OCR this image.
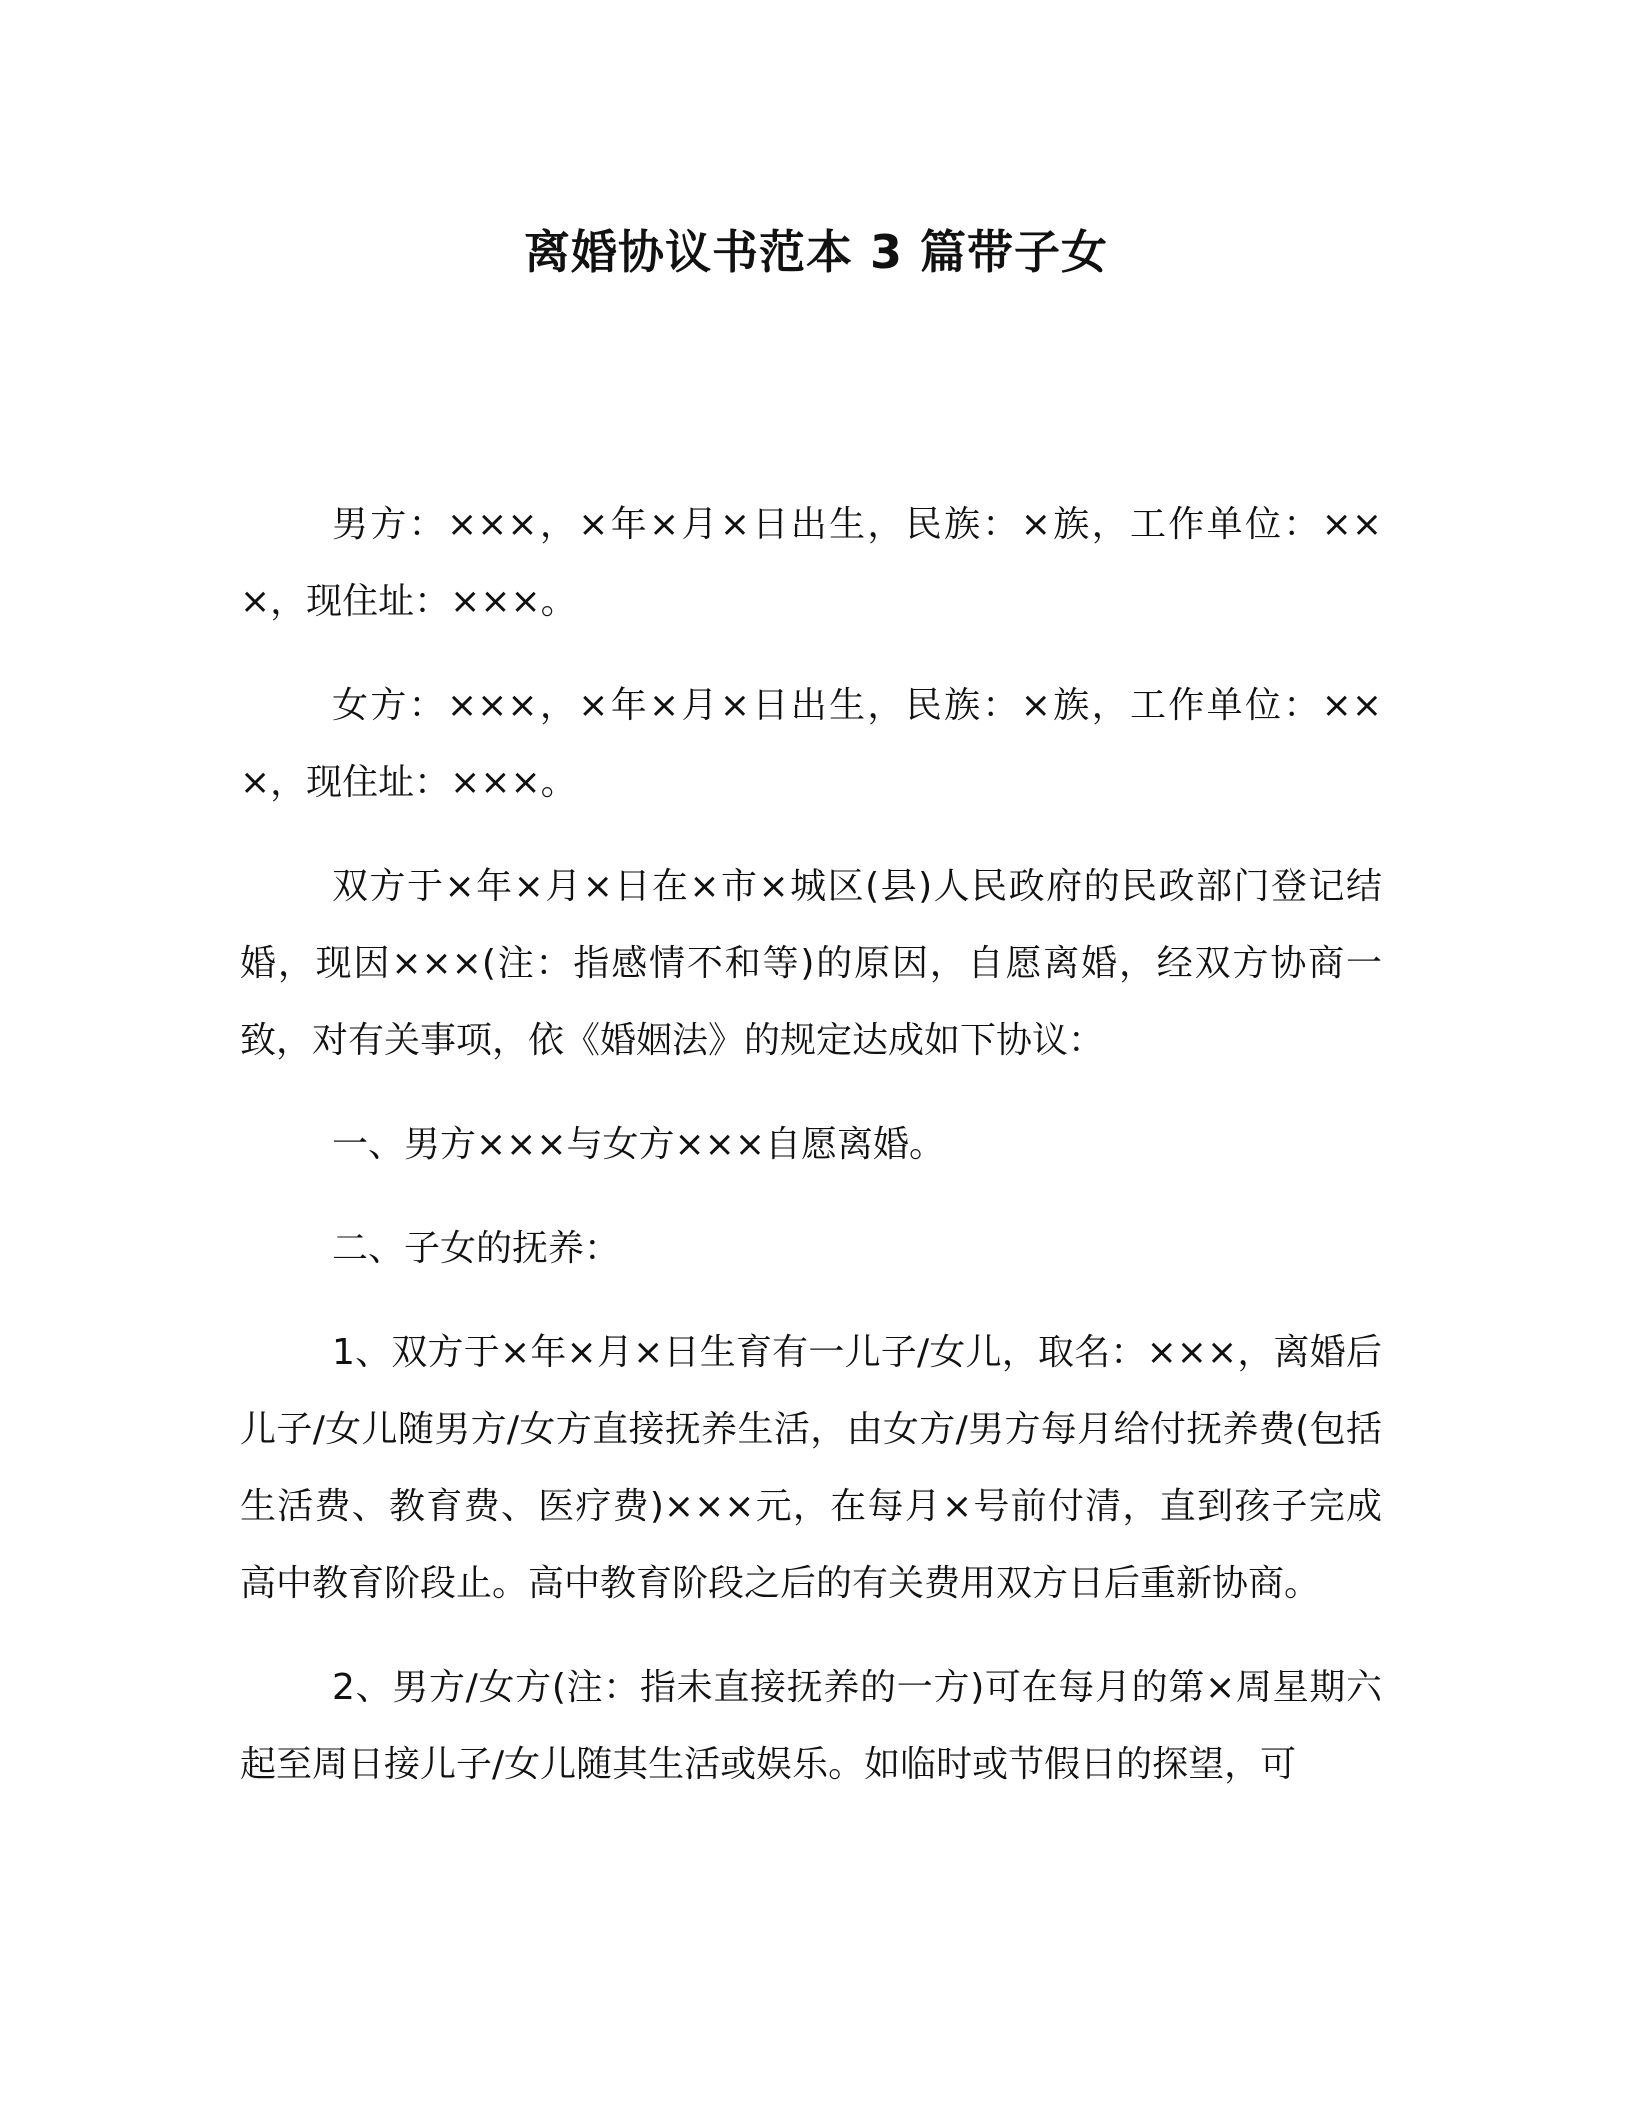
离婚协议书范本 3 篇带子女

男方：×××，×年×月×日出生，民族：×族，工作单位：×××，现住址：×××。

女方：×××，×年×月×日出生，民族：×族，工作单位：×××，现住址：×××。

双方于×年×月×日在×市×城区(县)人民政府的民政部门登记结婚，现因×××(注：指感情不和等)的原因，自愿离婚，经双方协商一致，对有关事项，依《婚姻法》的规定达成如下协议：

一、男方×××与女方×××自愿离婚。

二、子女的抚养：

1、双方于×年×月×日生育有一儿子/女儿，取名：×××，离婚后儿子/女儿随男方/女方直接抚养生活，由女方/男方每月给付抚养费(包括生活费、教育费、医疗费)×××元，在每月×号前付清，直到孩子完成高中教育阶段止。高中教育阶段之后的有关费用双方日后重新协商。

2、男方/女方(注：指未直接抚养的一方)可在每月的第×周星期六起至周日接儿子/女儿随其生活或娱乐。如临时或节假日的探望，可
